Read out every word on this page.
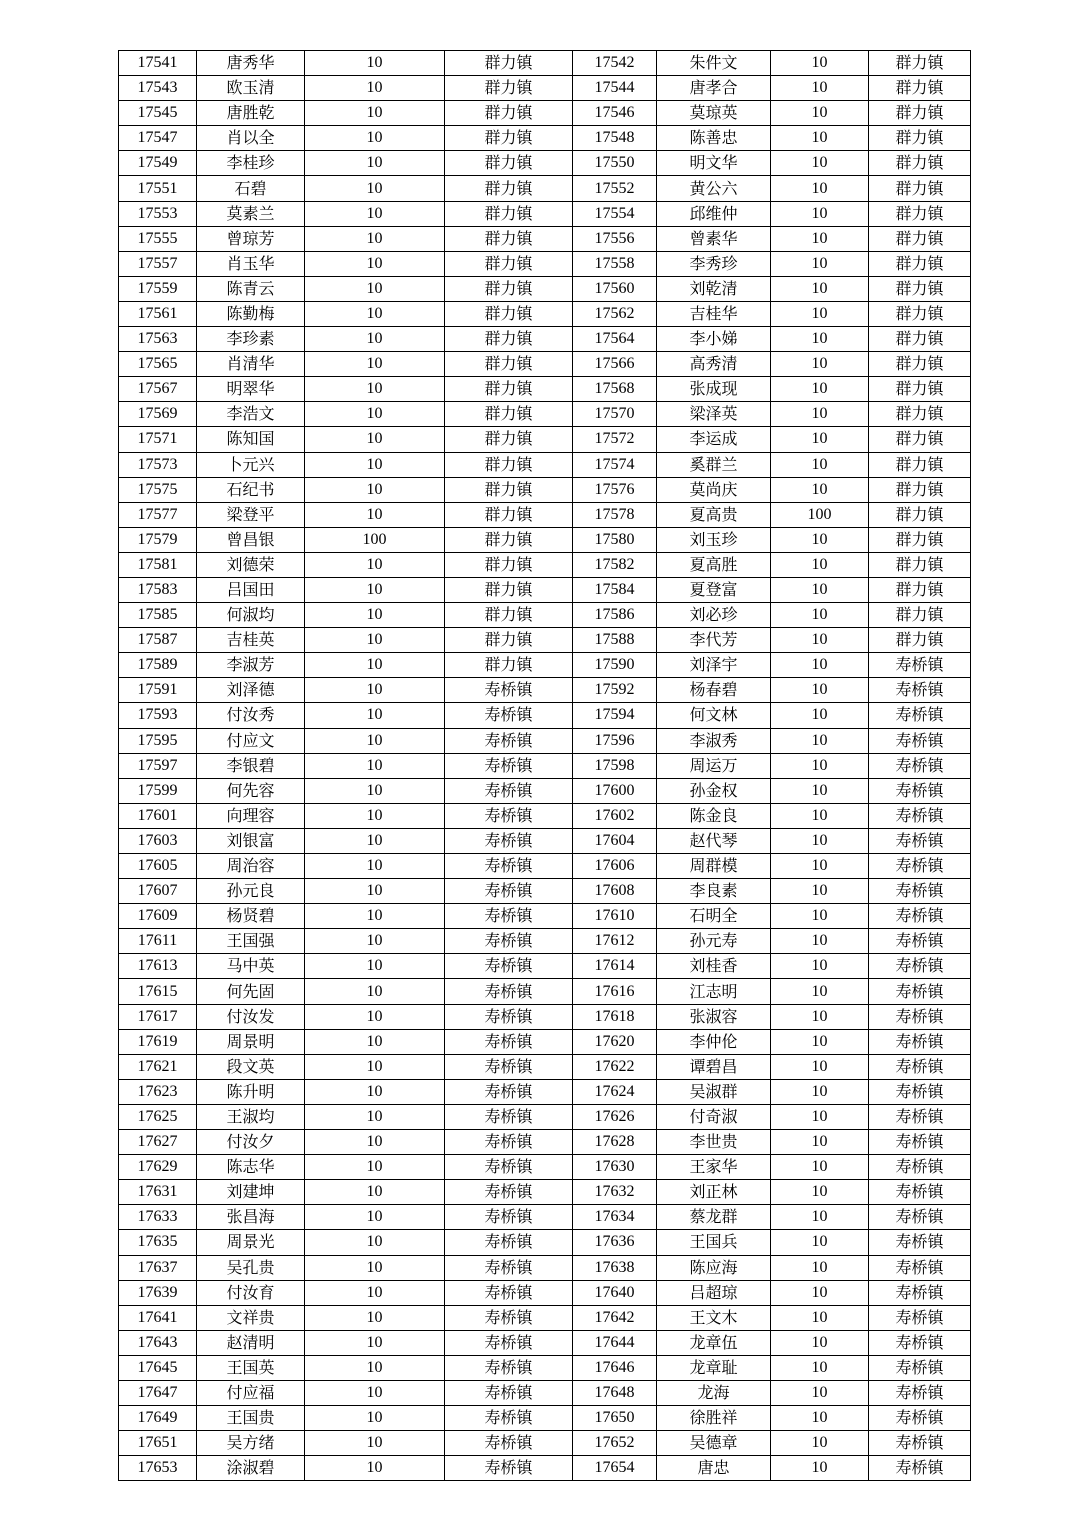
17541	唐秀华	10	群力镇	17542	朱件文	10	群力镇
17543	欧玉清	10	群力镇	17544	唐孝合	10	群力镇
17545	唐胜乾	10	群力镇	17546	莫琼英	10	群力镇
17547	肖以全	10	群力镇	17548	陈善忠	10	群力镇
17549	李桂珍	10	群力镇	17550	明文华	10	群力镇
17551	石碧	10	群力镇	17552	黄公六	10	群力镇
17553	莫素兰	10	群力镇	17554	邱维仲	10	群力镇
17555	曾琼芳	10	群力镇	17556	曾素华	10	群力镇
17557	肖玉华	10	群力镇	17558	李秀珍	10	群力镇
17559	陈青云	10	群力镇	17560	刘乾清	10	群力镇
17561	陈勤梅	10	群力镇	17562	吉桂华	10	群力镇
17563	李珍素	10	群力镇	17564	李小娣	10	群力镇
17565	肖清华	10	群力镇	17566	高秀清	10	群力镇
17567	明翠华	10	群力镇	17568	张成现	10	群力镇
17569	李浩文	10	群力镇	17570	梁泽英	10	群力镇
17571	陈知国	10	群力镇	17572	李运成	10	群力镇
17573	卜元兴	10	群力镇	17574	奚群兰	10	群力镇
17575	石纪书	10	群力镇	17576	莫尚庆	10	群力镇
17577	梁登平	10	群力镇	17578	夏高贵	100	群力镇
17579	曾昌银	100	群力镇	17580	刘玉珍	10	群力镇
17581	刘德荣	10	群力镇	17582	夏高胜	10	群力镇
17583	吕国田	10	群力镇	17584	夏登富	10	群力镇
17585	何淑均	10	群力镇	17586	刘必珍	10	群力镇
17587	吉桂英	10	群力镇	17588	李代芳	10	群力镇
17589	李淑芳	10	群力镇	17590	刘泽宇	10	寿桥镇
17591	刘泽德	10	寿桥镇	17592	杨春碧	10	寿桥镇
17593	付汝秀	10	寿桥镇	17594	何文林	10	寿桥镇
17595	付应文	10	寿桥镇	17596	李淑秀	10	寿桥镇
17597	李银碧	10	寿桥镇	17598	周运万	10	寿桥镇
17599	何先容	10	寿桥镇	17600	孙金权	10	寿桥镇
17601	向理容	10	寿桥镇	17602	陈金良	10	寿桥镇
17603	刘银富	10	寿桥镇	17604	赵代琴	10	寿桥镇
17605	周治容	10	寿桥镇	17606	周群模	10	寿桥镇
17607	孙元良	10	寿桥镇	17608	李良素	10	寿桥镇
17609	杨贤碧	10	寿桥镇	17610	石明全	10	寿桥镇
17611	王国强	10	寿桥镇	17612	孙元寿	10	寿桥镇
17613	马中英	10	寿桥镇	17614	刘桂香	10	寿桥镇
17615	何先固	10	寿桥镇	17616	江志明	10	寿桥镇
17617	付汝发	10	寿桥镇	17618	张淑容	10	寿桥镇
17619	周景明	10	寿桥镇	17620	李仲伦	10	寿桥镇
17621	段文英	10	寿桥镇	17622	谭碧昌	10	寿桥镇
17623	陈升明	10	寿桥镇	17624	吴淑群	10	寿桥镇
17625	王淑均	10	寿桥镇	17626	付奇淑	10	寿桥镇
17627	付汝夕	10	寿桥镇	17628	李世贵	10	寿桥镇
17629	陈志华	10	寿桥镇	17630	王家华	10	寿桥镇
17631	刘建坤	10	寿桥镇	17632	刘正林	10	寿桥镇
17633	张昌海	10	寿桥镇	17634	蔡龙群	10	寿桥镇
17635	周景光	10	寿桥镇	17636	王国兵	10	寿桥镇
17637	吴孔贵	10	寿桥镇	17638	陈应海	10	寿桥镇
17639	付汝育	10	寿桥镇	17640	吕超琼	10	寿桥镇
17641	文祥贵	10	寿桥镇	17642	王文木	10	寿桥镇
17643	赵清明	10	寿桥镇	17644	龙章伍	10	寿桥镇
17645	王国英	10	寿桥镇	17646	龙章耻	10	寿桥镇
17647	付应福	10	寿桥镇	17648	龙海	10	寿桥镇
17649	王国贵	10	寿桥镇	17650	徐胜祥	10	寿桥镇
17651	吴方绪	10	寿桥镇	17652	吴德章	10	寿桥镇
17653	涂淑碧	10	寿桥镇	17654	唐忠	10	寿桥镇
